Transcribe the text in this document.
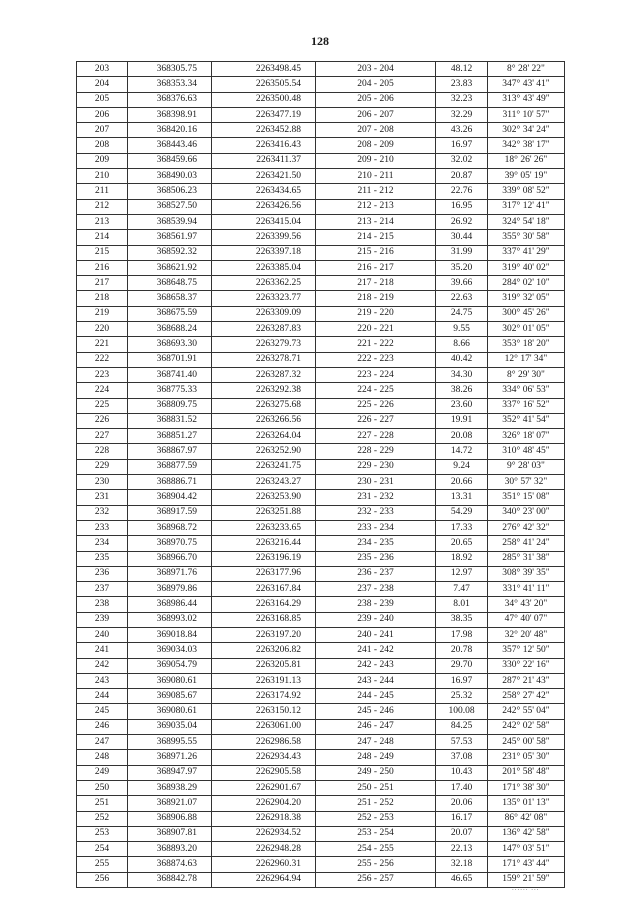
128
203	368305.75	2263498.45	203 - 204	48.12	8° 28' 22"
204	368353.34	2263505.54	204 - 205	23.83	347° 43' 41"
205	368376.63	2263500.48	205 - 206	32.23	313° 43' 49"
206	368398.91	2263477.19	206 - 207	32.29	311° 10' 57"
207	368420.16	2263452.88	207 - 208	43.26	302° 34' 24"
208	368443.46	2263416.43	208 - 209	16.97	342° 38' 17"
209	368459.66	2263411.37	209 - 210	32.02	18° 26' 26"
210	368490.03	2263421.50	210 - 211	20.87	39° 05' 19"
211	368506.23	2263434.65	211 - 212	22.76	339° 08' 52"
212	368527.50	2263426.56	212 - 213	16.95	317° 12' 41"
213	368539.94	2263415.04	213 - 214	26.92	324° 54' 18"
214	368561.97	2263399.56	214 - 215	30.44	355° 30' 58"
215	368592.32	2263397.18	215 - 216	31.99	337° 41' 29"
216	368621.92	2263385.04	216 - 217	35.20	319° 40' 02"
217	368648.75	2263362.25	217 - 218	39.66	284° 02' 10"
218	368658.37	2263323.77	218 - 219	22.63	319° 32' 05"
219	368675.59	2263309.09	219 - 220	24.75	300° 45' 26"
220	368688.24	2263287.83	220 - 221	9.55	302° 01' 05"
221	368693.30	2263279.73	221 - 222	8.66	353° 18' 20"
222	368701.91	2263278.71	222 - 223	40.42	12° 17' 34"
223	368741.40	2263287.32	223 - 224	34.30	8° 29' 30"
224	368775.33	2263292.38	224 - 225	38.26	334° 06' 53"
225	368809.75	2263275.68	225 - 226	23.60	337° 16' 52"
226	368831.52	2263266.56	226 - 227	19.91	352° 41' 54"
227	368851.27	2263264.04	227 - 228	20.08	326° 18' 07"
228	368867.97	2263252.90	228 - 229	14.72	310° 48' 45"
229	368877.59	2263241.75	229 - 230	9.24	9° 28' 03"
230	368886.71	2263243.27	230 - 231	20.66	30° 57' 32"
231	368904.42	2263253.90	231 - 232	13.31	351° 15' 08"
232	368917.59	2263251.88	232 - 233	54.29	340° 23' 00"
233	368968.72	2263233.65	233 - 234	17.33	276° 42' 32"
234	368970.75	2263216.44	234 - 235	20.65	258° 41' 24"
235	368966.70	2263196.19	235 - 236	18.92	285° 31' 38"
236	368971.76	2263177.96	236 - 237	12.97	308° 39' 35"
237	368979.86	2263167.84	237 - 238	7.47	331° 41' 11"
238	368986.44	2263164.29	238 - 239	8.01	34° 43' 20"
239	368993.02	2263168.85	239 - 240	38.35	47° 40' 07"
240	369018.84	2263197.20	240 - 241	17.98	32° 20' 48"
241	369034.03	2263206.82	241 - 242	20.78	357° 12' 50"
242	369054.79	2263205.81	242 - 243	29.70	330° 22' 16"
243	369080.61	2263191.13	243 - 244	16.97	287° 21' 43"
244	369085.67	2263174.92	244 - 245	25.32	258° 27' 42"
245	369080.61	2263150.12	245 - 246	100.08	242° 55' 04"
246	369035.04	2263061.00	246 - 247	84.25	242° 02' 58"
247	368995.55	2262986.58	247 - 248	57.53	245° 00' 58"
248	368971.26	2262934.43	248 - 249	37.08	231° 05' 30"
249	368947.97	2262905.58	249 - 250	10.43	201° 58' 48"
250	368938.29	2262901.67	250 - 251	17.40	171° 38' 30"
251	368921.07	2262904.20	251 - 252	20.06	135° 01' 13"
252	368906.88	2262918.38	252 - 253	16.17	86° 42' 08"
253	368907.81	2262934.52	253 - 254	20.07	136° 42' 58"
254	368893.20	2262948.28	254 - 255	22.13	147° 03' 51"
255	368874.63	2262960.31	255 - 256	32.18	171° 43' 44"
256	368842.78	2262964.94	256 - 257	46.65	159° 21' 59"
...... ...
